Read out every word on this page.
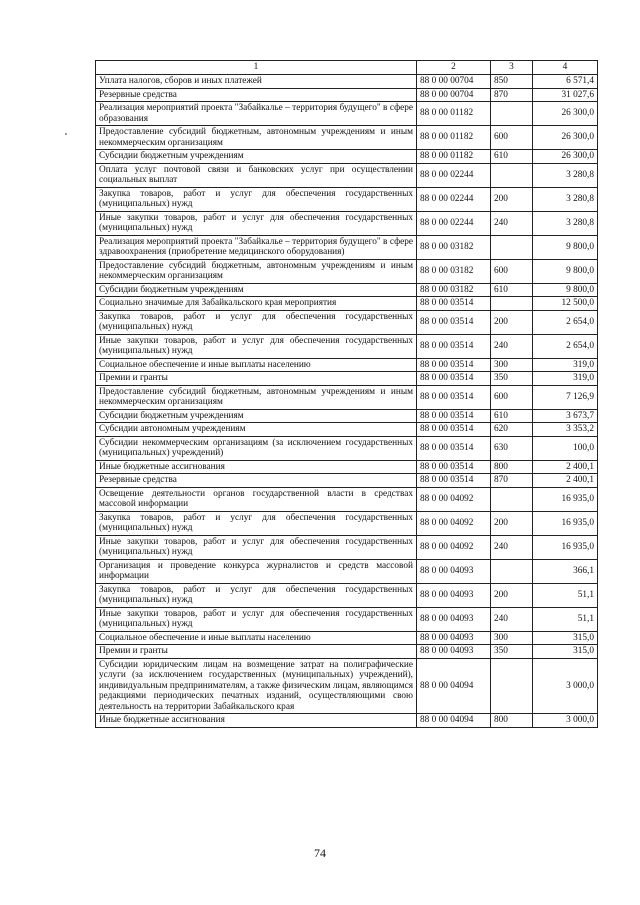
1	2	3	4
Уплата налогов, сборов и иных платежей	88 0 00 00704	850	6 571,4
Резервные средства	88 0 00 00704	870	31 027,6
Реализация мероприятий проекта "Забайкалье – территория будущего" в сфере образования	88 0 00 01182		26 300,0
Предоставление субсидий бюджетным, автономным учреждениям и иным некоммерческим организациям	88 0 00 01182	600	26 300,0
Субсидии бюджетным учреждениям	88 0 00 01182	610	26 300,0
Оплата услуг почтовой связи и банковских услуг при осуществлении социальных выплат	88 0 00 02244		3 280,8
Закупка товаров, работ и услуг для обеспечения государственных (муниципальных) нужд	88 0 00 02244	200	3 280,8
Иные закупки товаров, работ и услуг для обеспечения государственных (муниципальных) нужд	88 0 00 02244	240	3 280,8
Реализация мероприятий проекта "Забайкалье – территория будущего" в сфере здравоохранения (приобретение медицинского оборудования)	88 0 00 03182		9 800,0
Предоставление субсидий бюджетным, автономным учреждениям и иным некоммерческим организациям	88 0 00 03182	600	9 800,0
Субсидии бюджетным учреждениям	88 0 00 03182	610	9 800,0
Социально значимые для Забайкальского края мероприятия	88 0 00 03514		12 500,0
Закупка товаров, работ и услуг для обеспечения государственных (муниципальных) нужд	88 0 00 03514	200	2 654,0
Иные закупки товаров, работ и услуг для обеспечения государственных (муниципальных) нужд	88 0 00 03514	240	2 654,0
Социальное обеспечение и иные выплаты населению	88 0 00 03514	300	319,0
Премии и гранты	88 0 00 03514	350	319,0
Предоставление субсидий бюджетным, автономным учреждениям и иным некоммерческим организациям	88 0 00 03514	600	7 126,9
Субсидии бюджетным учреждениям	88 0 00 03514	610	3 673,7
Субсидии автономным учреждениям	88 0 00 03514	620	3 353,2
Субсидии некоммерческим организациям (за исключением государственных (муниципальных) учреждений)	88 0 00 03514	630	100,0
Иные бюджетные ассигнования	88 0 00 03514	800	2 400,1
Резервные средства	88 0 00 03514	870	2 400,1
Освещение деятельности органов государственной власти в средствах массовой информации	88 0 00 04092		16 935,0
Закупка товаров, работ и услуг для обеспечения государственных (муниципальных) нужд	88 0 00 04092	200	16 935,0
Иные закупки товаров, работ и услуг для обеспечения государственных (муниципальных) нужд	88 0 00 04092	240	16 935,0
Организация и проведение конкурса журналистов и средств массовой информации	88 0 00 04093		366,1
Закупка товаров, работ и услуг для обеспечения государственных (муниципальных) нужд	88 0 00 04093	200	51,1
Иные закупки товаров, работ и услуг для обеспечения государственных (муниципальных) нужд	88 0 00 04093	240	51,1
Социальное обеспечение и иные выплаты населению	88 0 00 04093	300	315,0
Премии и гранты	88 0 00 04093	350	315,0
Субсидии юридическим лицам на возмещение затрат на полиграфические услуги (за исключением государственных (муниципальных) учреждений), индивидуальным предпринимателям, а также физическим лицам, являющимся редакциями периодических печатных изданий, осуществляющими свою деятельность на территории Забайкальского края	88 0 00 04094		3 000,0
Иные бюджетные ассигнования	88 0 00 04094	800	3 000,0
74
